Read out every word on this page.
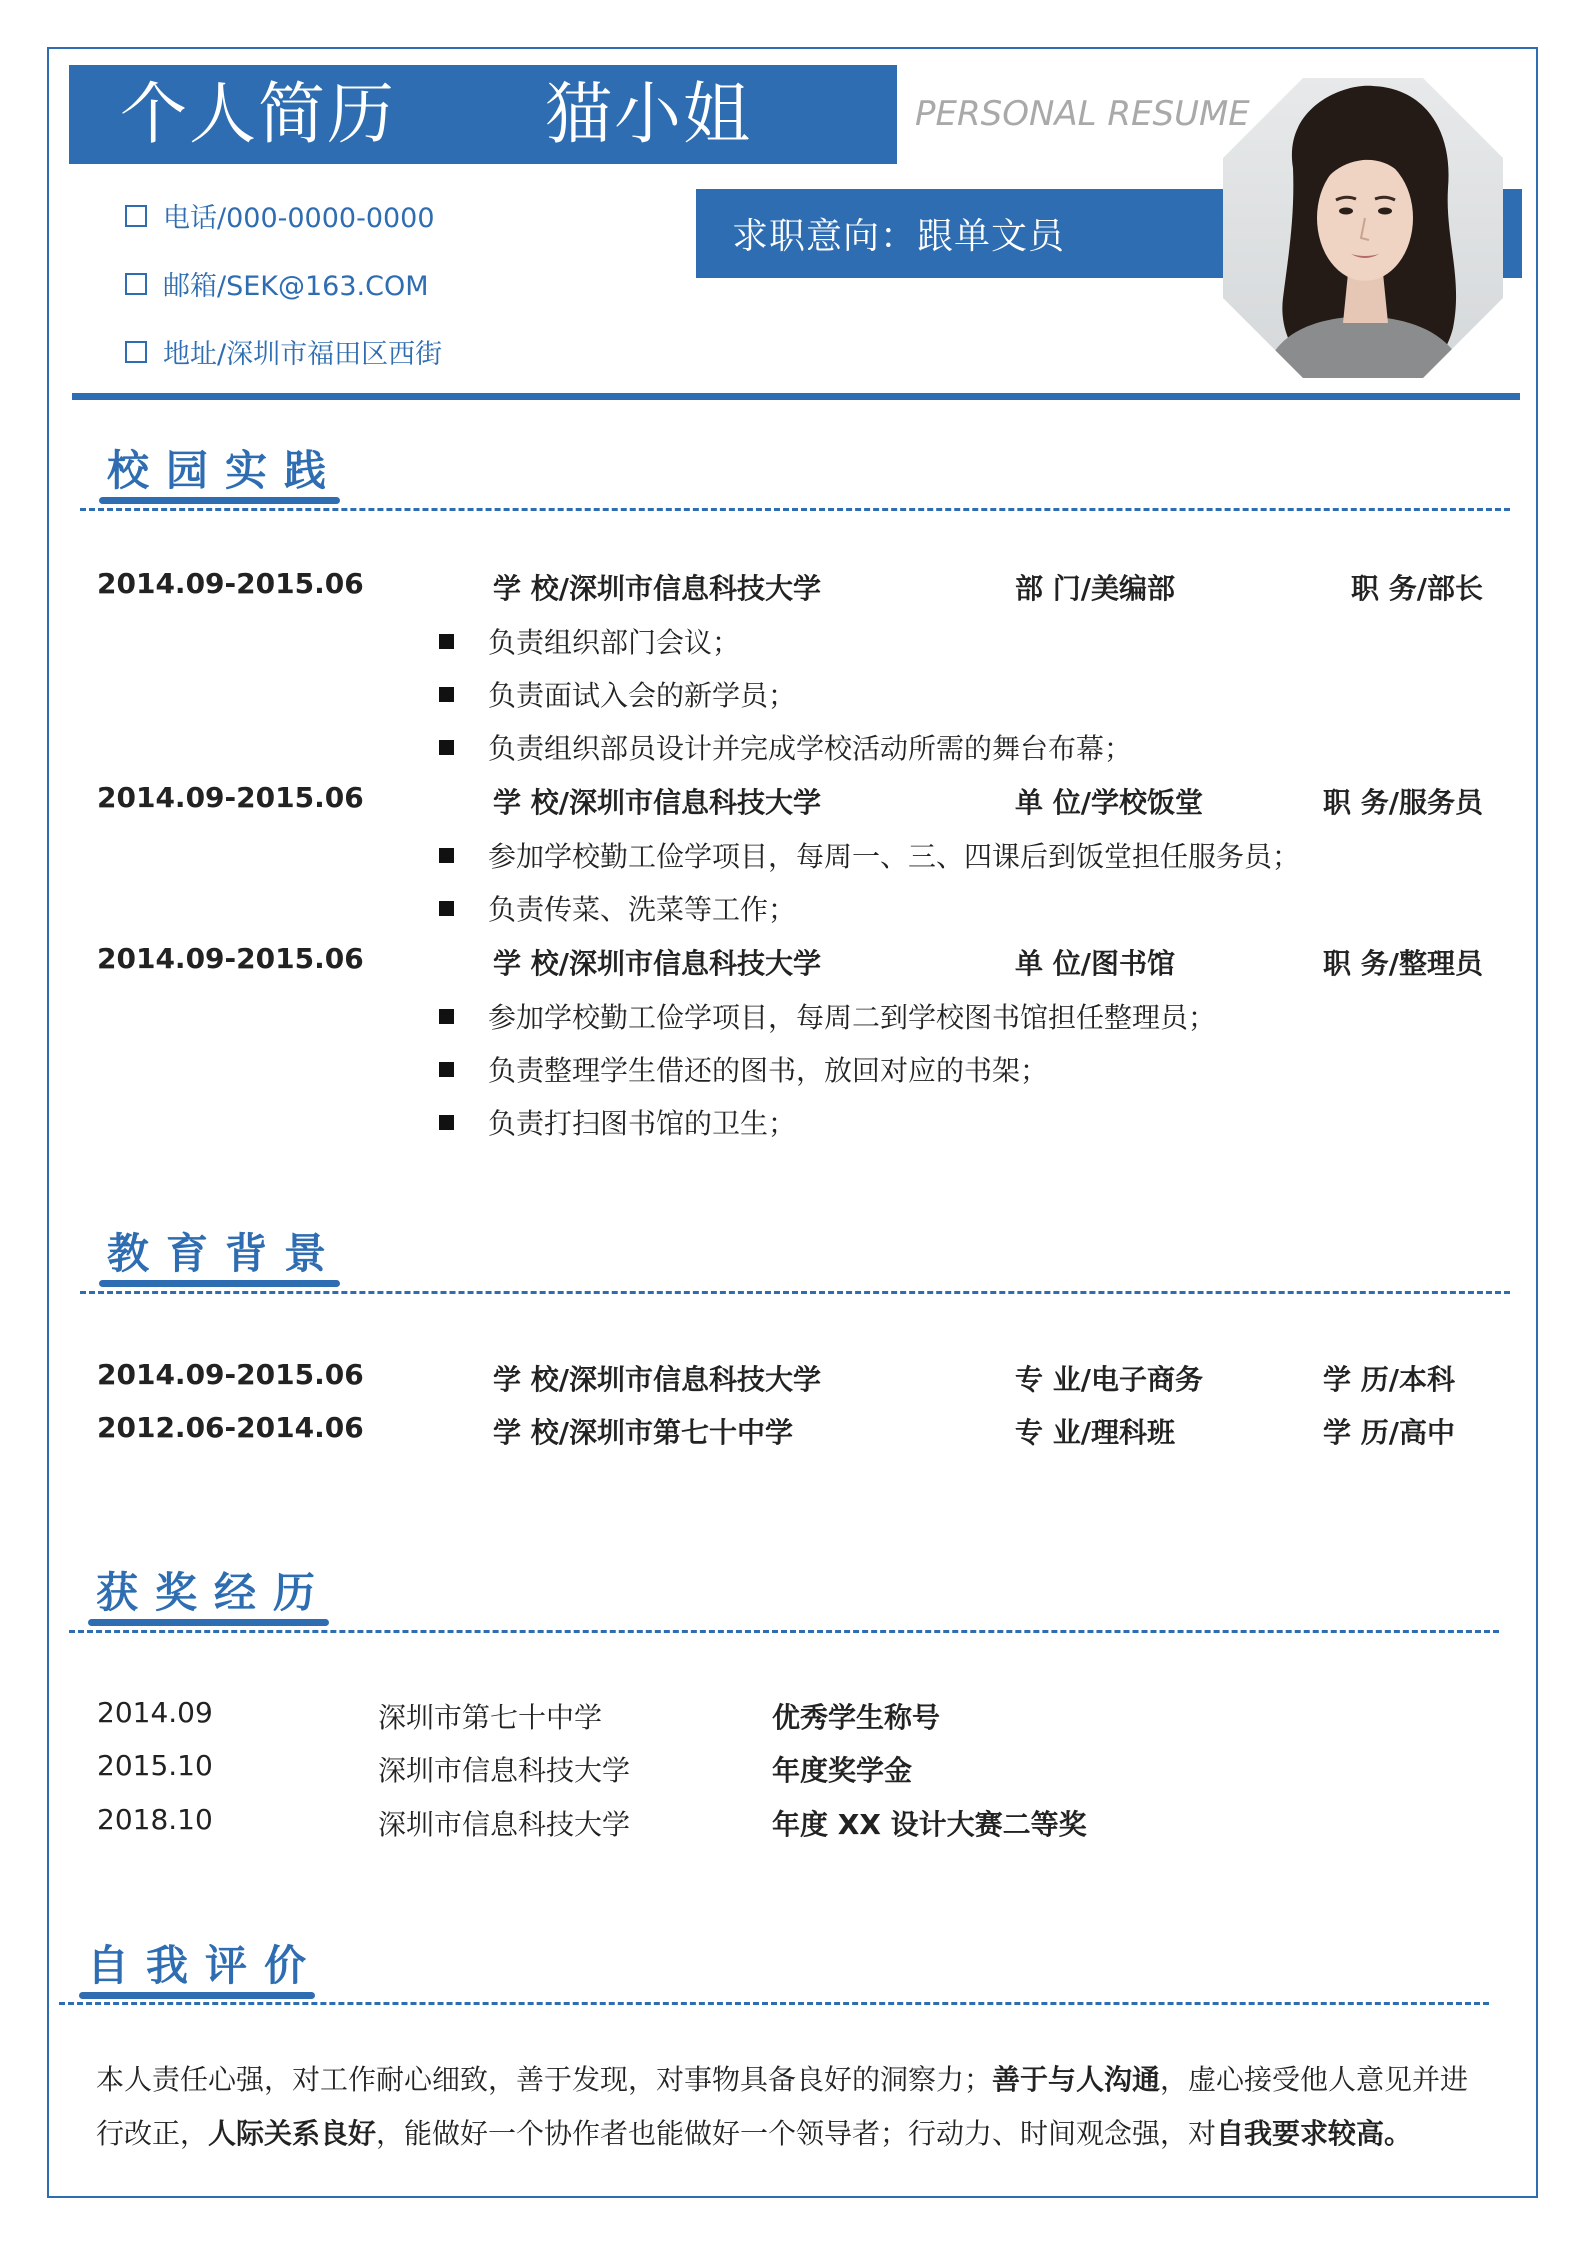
个人简历 猫小姐	PERSONAL RESUME
电话/000-0000-0000
邮箱/SEK@163.COM
地址/深圳市福田区西街
求职意向：跟单文员
校园实践
2014.09-2015.06	学 校/深圳市信息科技大学	部 门/美编部	职 务/部长
负责组织部门会议；
负责面试入会的新学员；
负责组织部员设计并完成学校活动所需的舞台布幕；
2014.09-2015.06	学 校/深圳市信息科技大学	单 位/学校饭堂	职 务/服务员
参加学校勤工俭学项目，每周一、三、四课后到饭堂担任服务员；
负责传菜、洗菜等工作；
2014.09-2015.06	学 校/深圳市信息科技大学	单 位/图书馆	职 务/整理员
参加学校勤工俭学项目，每周二到学校图书馆担任整理员；
负责整理学生借还的图书，放回对应的书架；
负责打扫图书馆的卫生；
教育背景
2014.09-2015.06	学 校/深圳市信息科技大学	专 业/电子商务	学 历/本科
2012.06-2014.06	学 校/深圳市第七十中学	专 业/理科班	学 历/高中
获奖经历
2014.09	深圳市第七十中学	优秀学生称号
2015.10	深圳市信息科技大学	年度奖学金
2018.10	深圳市信息科技大学	年度 XX 设计大赛二等奖
自我评价
本人责任心强，对工作耐心细致，善于发现，对事物具备良好的洞察力；善于与人沟通，虚心接受他人意见并进行改正，人际关系良好，能做好一个协作者也能做好一个领导者；行动力、时间观念强，对自我要求较高。
